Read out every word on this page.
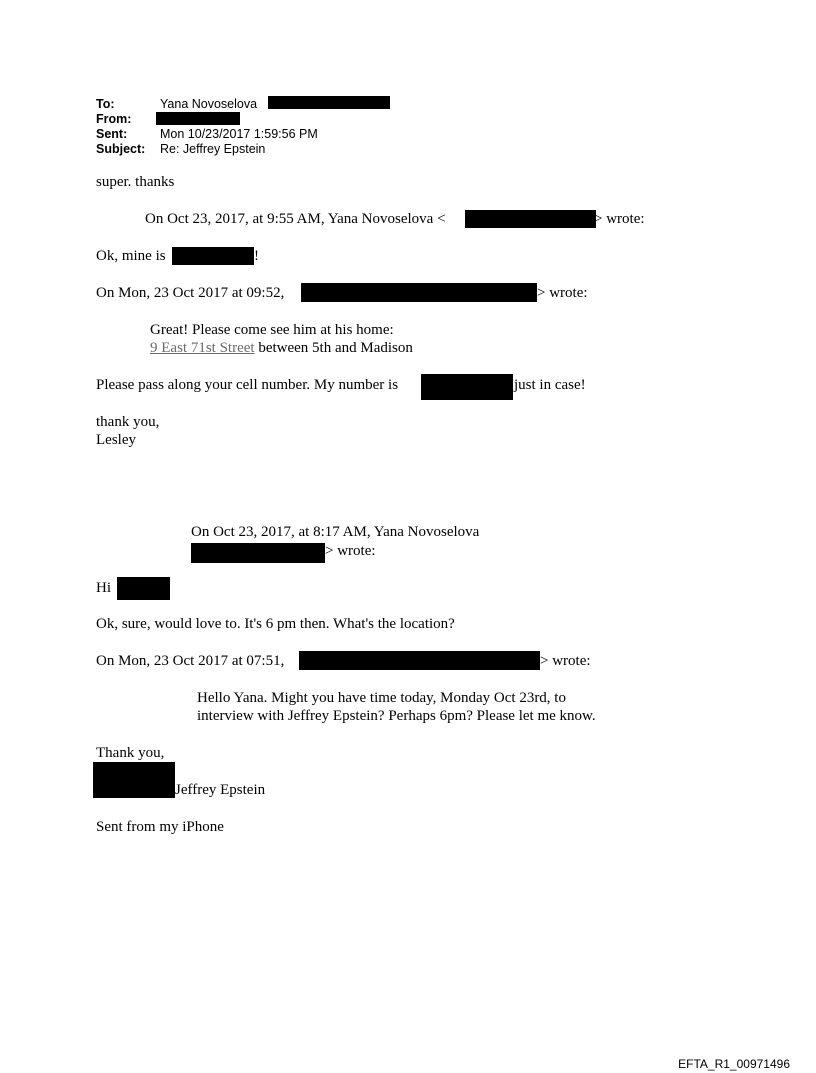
To:	Yana Novoselova
From:
Sent:	Mon 10/23/2017 1:59:56 PM
Subject: Re: Jeffrey Epstein
super. thanks
On Oct 23, 2017, at 9:55 AM, Yana Novoselova <	> wrote:
Ok, mine is	!
On Mon, 23 Oct 2017 at 09:52,	> wrote:
Great! Please come see him at his home:
9 East 71st Street between 5th and Madison
Please pass along your cell number. My number is	just in case!
thank you,
Lesley
On Oct 23, 2017, at 8:17 AM, Yana Novoselova
> wrote:
Hi
Ok, sure, would love to. It's 6 pm then. What's the location?
On Mon, 23 Oct 2017 at 07:51,	> wrote:
Hello Yana. Might you have time today, Monday Oct 23rd, to
interview with Jeffrey Epstein? Perhaps 6pm? Please let me know.
Thank you,
Jeffrey Epstein
Sent from my iPhone
EFTA_R1_00971496
